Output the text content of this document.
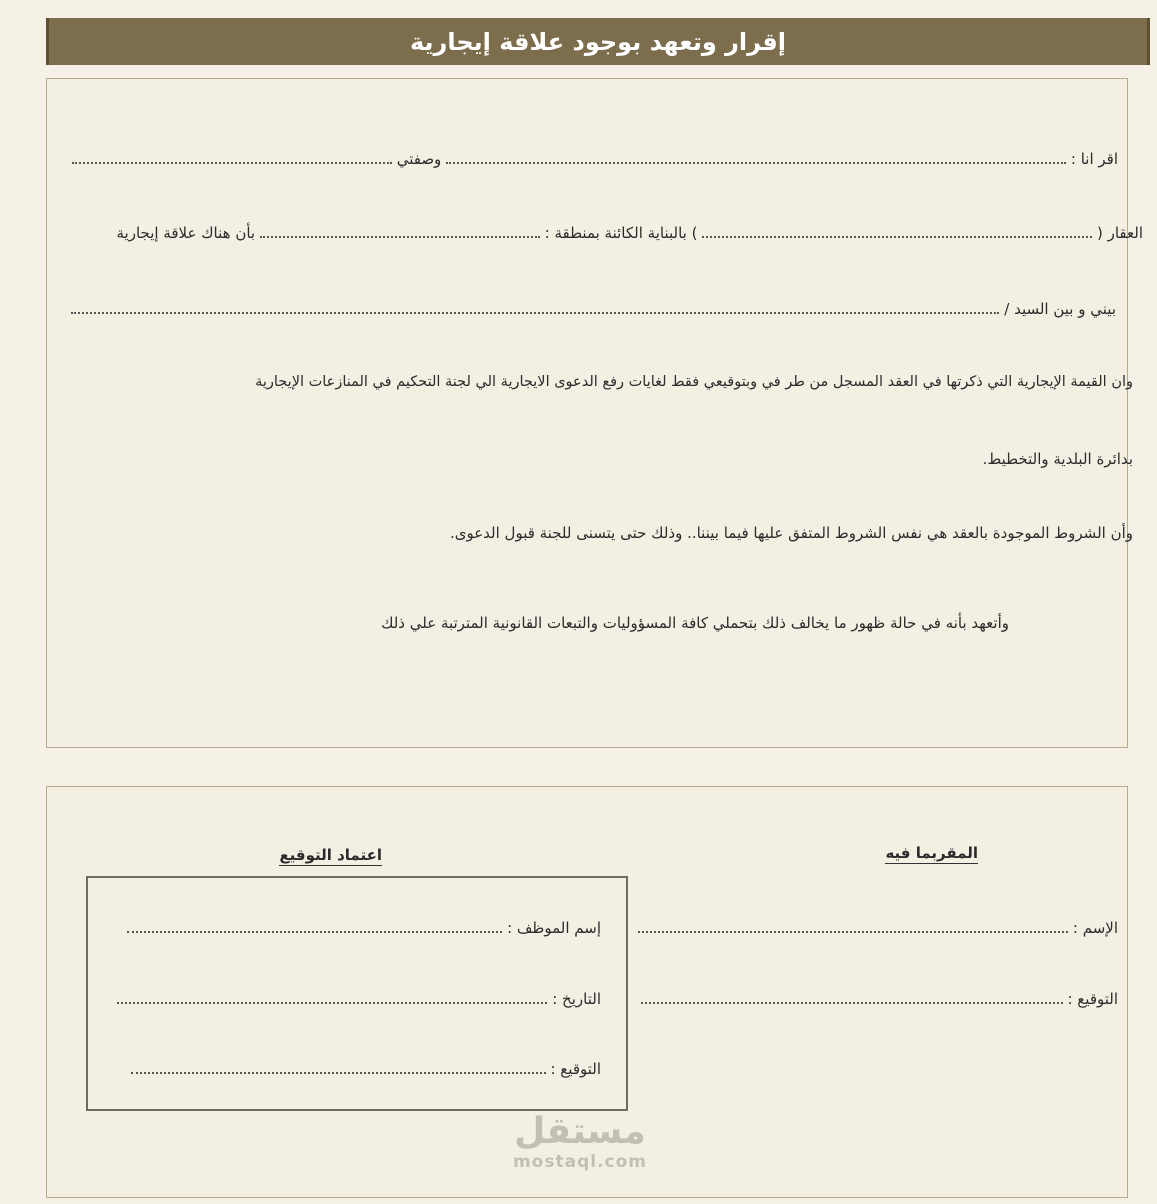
إقرار وتعهد بوجود علاقة إيجارية
اقر انا :  وصفتي
العقار (  ) بالبناية الكائنة بمنطقة :  بأن هناك علاقة إيجارية
بيني و بين السيد /
وان القيمة الإيجارية التي ذكرتها في العقد المسجل من طر في وبتوقيعي فقط لغايات رفع الدعوى الايجارية الي لجنة التحكيم في المنازعات الإيجارية
بدائرة البلدية والتخطيط.
وأن الشروط الموجودة بالعقد هي نفس الشروط المتفق عليها فيما بيننا.. وذلك حتى يتسنى للجنة قبول الدعوى.
وأتعهد بأنه في حالة ظهور ما يخالف ذلك بتحملي كافة المسؤوليات والتبعات القانونية المترتبة علي ذلك
المقربما فيه
الإسم :
التوقيع :
اعتماد التوقيع
إسم الموظف :
التاريخ :
التوقيع :
مستقل
mostaql.com
